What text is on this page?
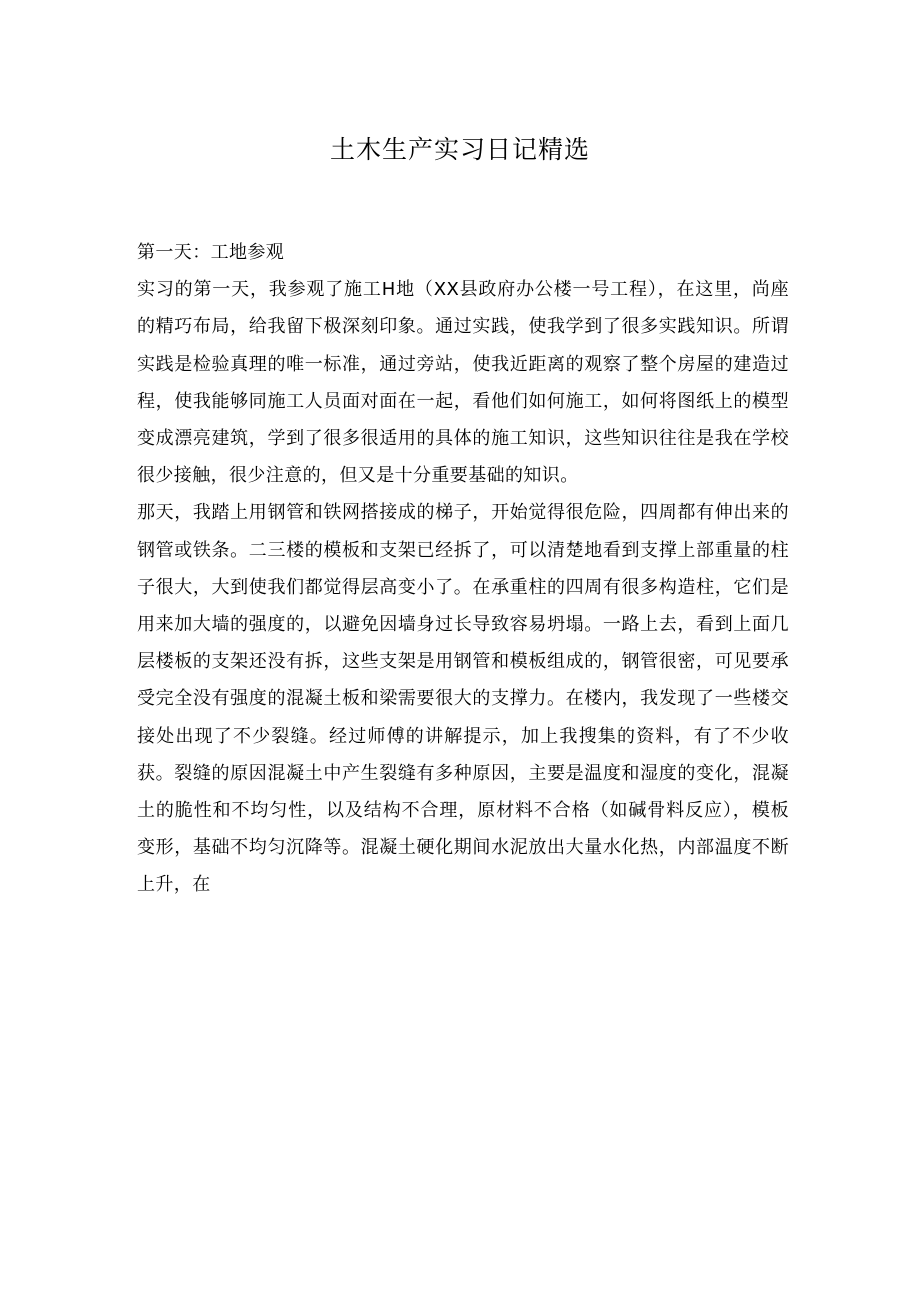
土木生产实习日记精选

第一天：工地参观

实习的第一天，我参观了施工H地（XX县政府办公楼一号工程），在这里，尚座的精巧布局，给我留下极深刻印象。通过实践，使我学到了很多实践知识。所谓实践是检验真理的唯一标准，通过旁站，使我近距离的观察了整个房屋的建造过程，使我能够同施工人员面对面在一起，看他们如何施工，如何将图纸上的模型变成漂亮建筑，学到了很多很适用的具体的施工知识，这些知识往往是我在学校很少接触，很少注意的，但又是十分重要基础的知识。

那天，我踏上用钢管和铁网搭接成的梯子，开始觉得很危险，四周都有伸出来的钢管或铁条。二三楼的模板和支架已经拆了，可以清楚地看到支撑上部重量的柱子很大，大到使我们都觉得层高变小了。在承重柱的四周有很多构造柱，它们是用来加大墙的强度的，以避免因墙身过长导致容易坍塌。一路上去，看到上面几层楼板的支架还没有拆，这些支架是用钢管和模板组成的，钢管很密，可见要承受完全没有强度的混凝土板和梁需要很大的支撑力。在楼内，我发现了一些楼交接处出现了不少裂缝。经过师傅的讲解提示，加上我搜集的资料，有了不少收获。裂缝的原因混凝土中产生裂缝有多种原因，主要是温度和湿度的变化，混凝土的脆性和不均匀性，以及结构不合理，原材料不合格（如碱骨料反应），模板变形，基础不均匀沉降等。混凝土硬化期间水泥放出大量水化热，内部温度不断上升，在
